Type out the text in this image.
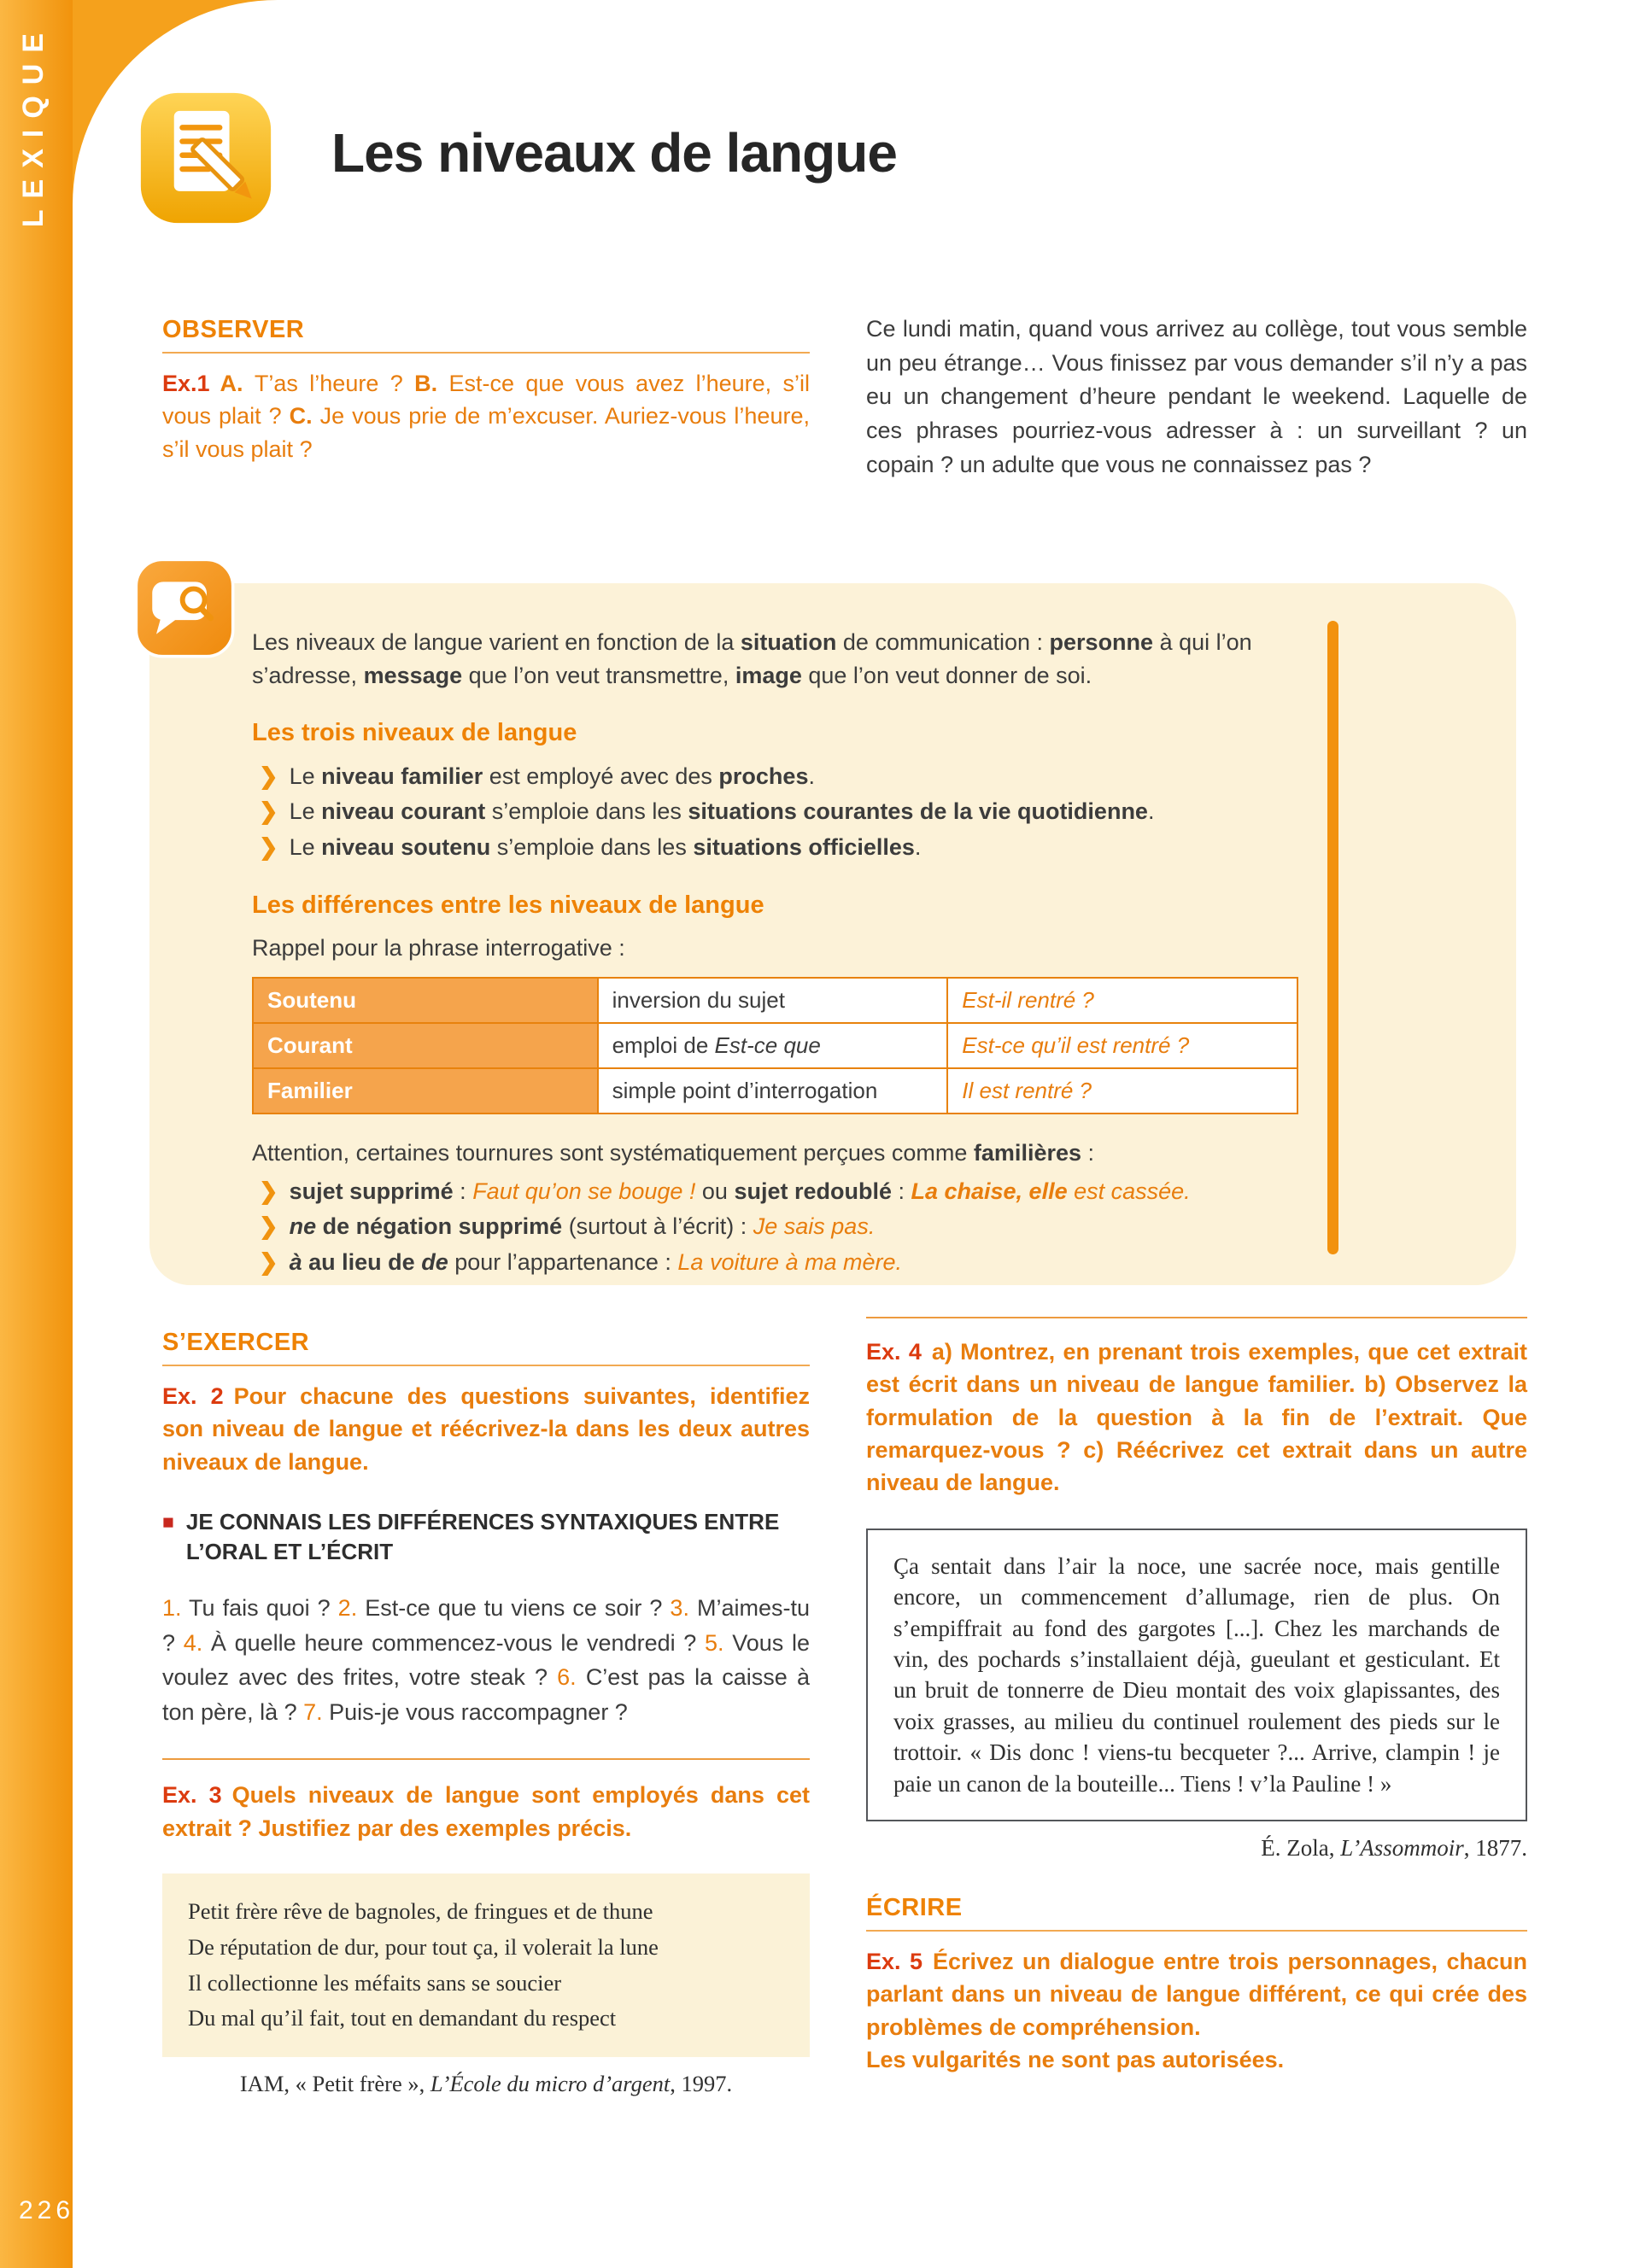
LEXIQUE
226
Les niveaux de langue
OBSERVER

Ex.1 A. T’as l’heure ? B. Est-ce que vous avez l’heure, s’il vous plait ? C. Je vous prie de m’excuser. Auriez-vous l’heure, s’il vous plait ?

Ce lundi matin, quand vous arrivez au collège, tout vous semble un peu étrange… Vous finissez par vous demander s’il n’y a pas eu un changement d’heure pendant le weekend. Laquelle de ces phrases pourriez-vous adresser à : un surveillant ? un copain ? un adulte que vous ne connaissez pas ?

Les niveaux de langue varient en fonction de la situation de communication : personne à qui l’on s’adresse, message que l’on veut transmettre, image que l’on veut donner de soi.

Les trois niveaux de langue
❯ Le niveau familier est employé avec des proches.

❯ Le niveau courant s’emploie dans les situations courantes de la vie quotidienne.

❯ Le niveau soutenu s’emploie dans les situations officielles.

Les différences entre les niveaux de langue

Rappel pour la phrase interrogative :

Soutenu	inversion du sujet	Est-il rentré ?
Courant	emploi de Est-ce que	Est-ce qu’il est rentré ?
Familier	simple point d’interrogation	Il est rentré ?

Attention, certaines tournures sont systématiquement perçues comme familières :

❯ sujet supprimé : Faut qu’on se bouge ! ou sujet redoublé : La chaise, elle est cassée.

❯ ne de négation supprimé (surtout à l’écrit) : Je sais pas.

❯ à au lieu de de pour l’appartenance : La voiture à ma mère.

S’EXERCER

Ex. 2 Pour chacune des questions suivantes, identifiez son niveau de langue et réécrivez-la dans les deux autres niveaux de langue.

■ JE CONNAIS LES DIFFÉRENCES SYNTAXIQUES ENTRE L’ORAL ET L’ÉCRIT

1. Tu fais quoi ? 2. Est-ce que tu viens ce soir ? 3. M’aimes-tu ? 4. À quelle heure commencez-vous le vendredi ? 5. Vous le voulez avec des frites, votre steak ? 6. C’est pas la caisse à ton père, là ? 7. Puis-je vous raccompagner ?

Ex. 3 Quels niveaux de langue sont employés dans cet extrait ? Justifiez par des exemples précis.

Petit frère rêve de bagnoles, de fringues et de thune

De réputation de dur, pour tout ça, il volerait la lune

Il collectionne les méfaits sans se soucier

Du mal qu’il fait, tout en demandant du respect

IAM, « Petit frère », L’École du micro d’argent, 1997.

Ex. 4 a) Montrez, en prenant trois exemples, que cet extrait est écrit dans un niveau de langue familier. b) Observez la formulation de la question à la fin de l’extrait. Que remarquez-vous ? c) Réécrivez cet extrait dans un autre niveau de langue.

Ça sentait dans l’air la noce, une sacrée noce, mais gentille encore, un commencement d’allumage, rien de plus. On s’empiffrait au fond des gargotes [...]. Chez les marchands de vin, des pochards s’installaient déjà, gueulant et gesticulant. Et un bruit de tonnerre de Dieu montait des voix glapissantes, des voix grasses, au milieu du continuel roulement des pieds sur le trottoir. « Dis donc ! viens-tu becqueter ?... Arrive, clampin ! je paie un canon de la bouteille... Tiens ! v’la Pauline ! »

É. Zola, L’Assommoir, 1877.

ÉCRIRE

Ex. 5 Écrivez un dialogue entre trois personnages, chacun parlant dans un niveau de langue différent, ce qui crée des problèmes de compréhension.
Les vulgarités ne sont pas autorisées.
